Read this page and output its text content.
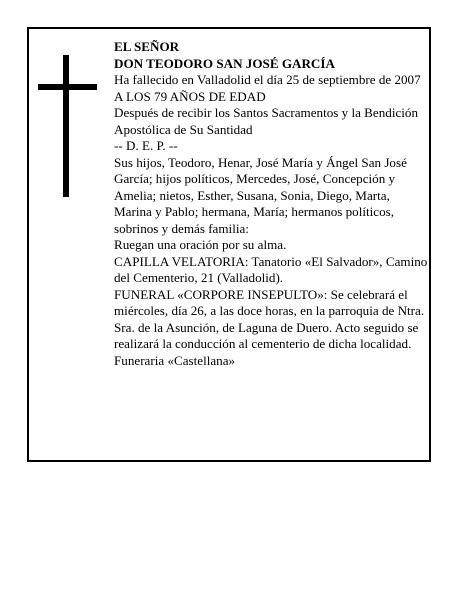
EL SEÑOR

DON TEODORO SAN JOSÉ GARCÍA

Ha fallecido en Valladolid el día 25 de septiembre de 2007

A LOS 79 AÑOS DE EDAD

Después de recibir los Santos Sacramentos y la Bendición Apostólica de Su Santidad

-- D. E. P. --

Sus hijos, Teodoro, Henar, José María y Ángel San José García; hijos políticos, Mercedes, José, Concepción y Amelia; nietos, Esther, Susana, Sonia, Diego, Marta, Marina y Pablo; hermana, María; hermanos políticos, sobrinos y demás familia:

Ruegan una oración por su alma.

CAPILLA VELATORIA: Tanatorio «El Salvador», Camino del Cementerio, 21 (Valladolid).

FUNERAL «CORPORE INSEPULTO»: Se celebrará el miércoles, día 26, a las doce horas, en la parroquia de Ntra. Sra. de la Asunción, de Laguna de Duero. Acto seguido se realizará la conducción al cementerio de dicha localidad.

Funeraria «Castellana»
